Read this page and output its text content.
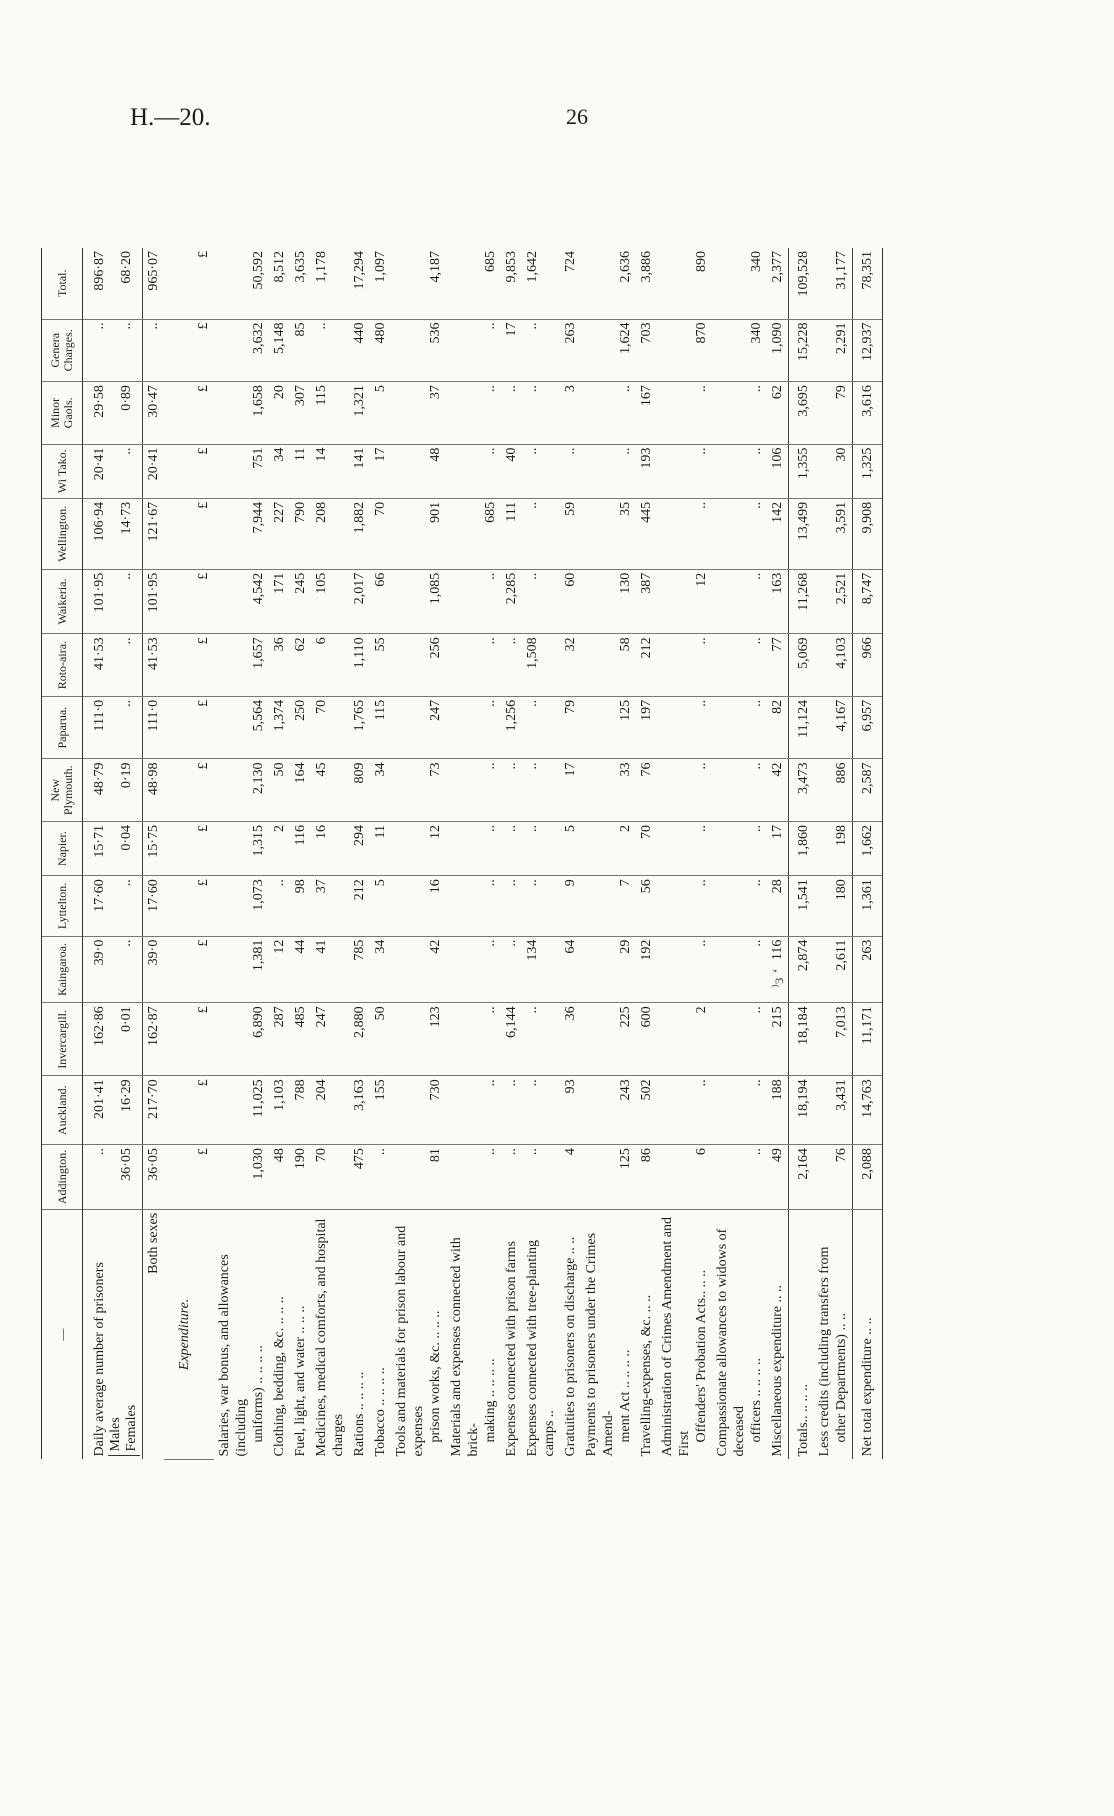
H.—20.	26
—	Addington.	Auckland.	Invercargill.	Kaingaroa.	Lyttelton.	Napier.	New Plymouth.	Paparua.	Roto-aira.	Waikeria.	Wellington.	Wi Tako.	Minor Gaols.	Genera Charges.	Total.
Daily average number of prisoners Males Females	..	201·41	162·86	39·0	17·60	15·71	48·79	111·0	41·53	101·95	106·94	20·41	29·58	..	896·87
	36·05	16·29	0·01	..	..	0·04	0·19	..	..	..	14·73	..	0·89	..	68·20
Both sexes	36·05	217·70	162·87	39·0	17·60	15·75	48·98	111·0	41·53	101·95	121·67	20·41	30·47	..	965·07
Expenditure.															
	£	£	£	£	£	£	£	£	£	£	£	£	£	£	£
Salaries, war bonus, and allowances (including uniforms) .. .. .. ..	1,030	11,025	6,890	1,381	1,073	1,315	2,130	5,564	1,657	4,542	7,944	751	1,658	3,632	50,592
Clothing, bedding, &c. .. .. ..	48	1,103	287	12	..	2	50	1,374	36	171	227	34	20	5,148	8,512
Fuel, light, and water .. .. ..	190	788	485	44	98	116	164	250	62	245	790	11	307	85	3,635
Medicines, medical comforts, and hospital charges	70	204	247	41	37	16	45	70	6	105	208	14	115	..	1,178
Rations .. .. .. ..	475	3,163	2,880	785	212	294	809	1,765	1,110	2,017	1,882	141	1,321	440	17,294
Tobacco .. .. .. ..	..	155	50	34	5	11	34	115	55	66	70	17	5	480	1,097
Tools and materials for prison labour and expenses prison works, &c. .. .. ..	81	730	123	42	16	12	73	247	256	1,085	901	48	37	536	4,187
Materials and expenses connected with brick- making .. .. .. ..	..	..	..	..	..	..	..	..	..	..	685	..	..	..	685
Expenses connected with prison farms	..	..	6,144	..	..	..	..	1,256	..	2,285	111	40	..	17	9,853
Expenses connected with tree-planting camps ..	..	..	..	134	..	..	..	..	1,508	..	..	..	..	..	1,642
Gratuities to prisoners on discharge .. ..	4	93	36	64	9	5	17	79	32	60	59	..	3	263	724
Payments to prisoners under the Crimes Amend- ment Act .. .. .. ..	125	243	225	29	7	2	33	125	58	130	35	..	..	1,624	2,636
Travelling-expenses, &c. .. ..	86	502	600	192	56	70	76	197	212	387	445	193	167	703	3,886
Administration of Crimes Amendment and First
Offenders' Probation Acts.. .. ..	6	..	2	..	..	..	..	..	..	12	..	..	..	870	890
Compassionate allowances to widows of deceased officers .. .. .. ..	..	..	..	..	..	..	..	..	..	..	..	..	..	340	340
Miscellaneous expenditure .. ..	49	188	215	116	28	17	42	82	77	163	142	106	62	1,090	2,377
Totals.. .. .. ..	2,164	18,194	18,184	2,874	1,541	1,860	3,473	11,124	5,069	11,268	13,499	1,355	3,695	15,228	109,528
Less credits (including transfers from other Departments) .. ..	76	3,431	7,013	2,611	180	198	886	4,167	4,103	2,521	3,591	30	79	2,291	31,177
Net total expenditure .. ..	2,088	14,763	11,171	263	1,361	1,662	2,587	6,957	966	8,747	9,908	1,325	3,616	12,937	78,351
⁾ɜ ‘
